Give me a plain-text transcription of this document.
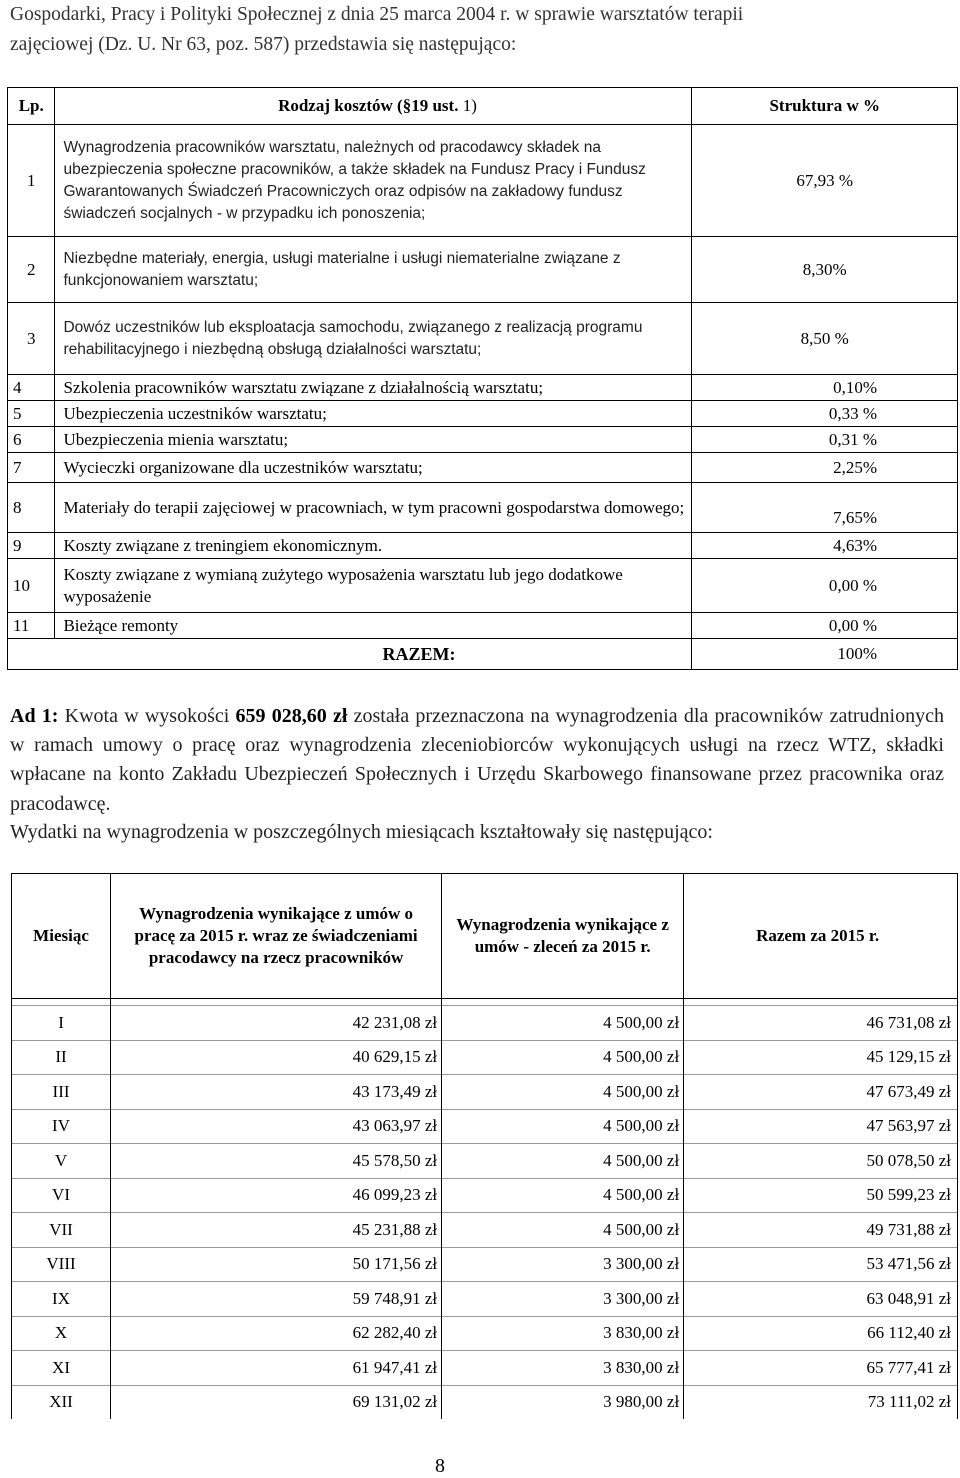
Gospodarki, Pracy i Polityki Społecznej z dnia 25 marca 2004 r. w sprawie warsztatów terapii
zajęciowej (Dz. U. Nr 63, poz. 587) przedstawia się następująco:
Lp.	Rodzaj kosztów (§19 ust. 1)	Struktura w %
1	Wynagrodzenia pracowników warsztatu, należnych od pracodawcy składek na ubezpieczenia społeczne pracowników, a także składek na Fundusz Pracy i Fundusz Gwarantowanych Świadczeń Pracowniczych oraz odpisów na zakładowy fundusz świadczeń socjalnych - w przypadku ich ponoszenia;	67,93 %
2	Niezbędne materiały, energia, usługi materialne i usługi niematerialne związane z funkcjonowaniem warsztatu;	8,30%
3	Dowóz uczestników lub eksploatacja samochodu, związanego z realizacją programu rehabilitacyjnego i niezbędną obsługą działalności warsztatu;	8,50 %
4	Szkolenia pracowników warsztatu związane z działalnością warsztatu;	0,10%
5	Ubezpieczenia uczestników warsztatu;	0,33 %
6	Ubezpieczenia mienia warsztatu;	0,31 %
7	Wycieczki organizowane dla uczestników warsztatu;	2,25%
8	Materiały do terapii zajęciowej w pracowniach, w tym pracowni gospodarstwa domowego;	7,65%
9	Koszty związane z treningiem ekonomicznym.	4,63%
10	Koszty związane z wymianą zużytego wyposażenia warsztatu lub jego dodatkowe wyposażenie	0,00 %
11	Bieżące remonty	0,00 %
RAZEM:		100%
Ad 1: Kwota w wysokości 659 028,60 zł została przeznaczona na wynagrodzenia dla pracowników zatrudnionych w ramach umowy o pracę oraz wynagrodzenia zleceniobiorców wykonujących usługi na rzecz WTZ, składki wpłacane na konto Zakładu Ubezpieczeń Społecznych i Urzędu Skarbowego finansowane przez pracownika oraz pracodawcę.
Wydatki na wynagrodzenia w poszczególnych miesiącach kształtowały się następująco:
Miesiąc	Wynagrodzenia wynikające z umów o pracę za 2015 r. wraz ze świadczeniami pracodawcy na rzecz pracowników	Wynagrodzenia wynikające z umów - zleceń za 2015 r.	Razem za 2015 r.

I	42 231,08 zł	4 500,00 zł	46 731,08 zł
II	40 629,15 zł	4 500,00 zł	45 129,15 zł
III	43 173,49 zł	4 500,00 zł	47 673,49 zł
IV	43 063,97 zł	4 500,00 zł	47 563,97 zł
V	45 578,50 zł	4 500,00 zł	50 078,50 zł
VI	46 099,23 zł	4 500,00 zł	50 599,23 zł
VII	45 231,88 zł	4 500,00 zł	49 731,88 zł
VIII	50 171,56 zł	3 300,00 zł	53 471,56 zł
IX	59 748,91 zł	3 300,00 zł	63 048,91 zł
X	62 282,40 zł	3 830,00 zł	66 112,40 zł
XI	61 947,41 zł	3 830,00 zł	65 777,41 zł
XII	69 131,02 zł	3 980,00 zł	73 111,02 zł
8
